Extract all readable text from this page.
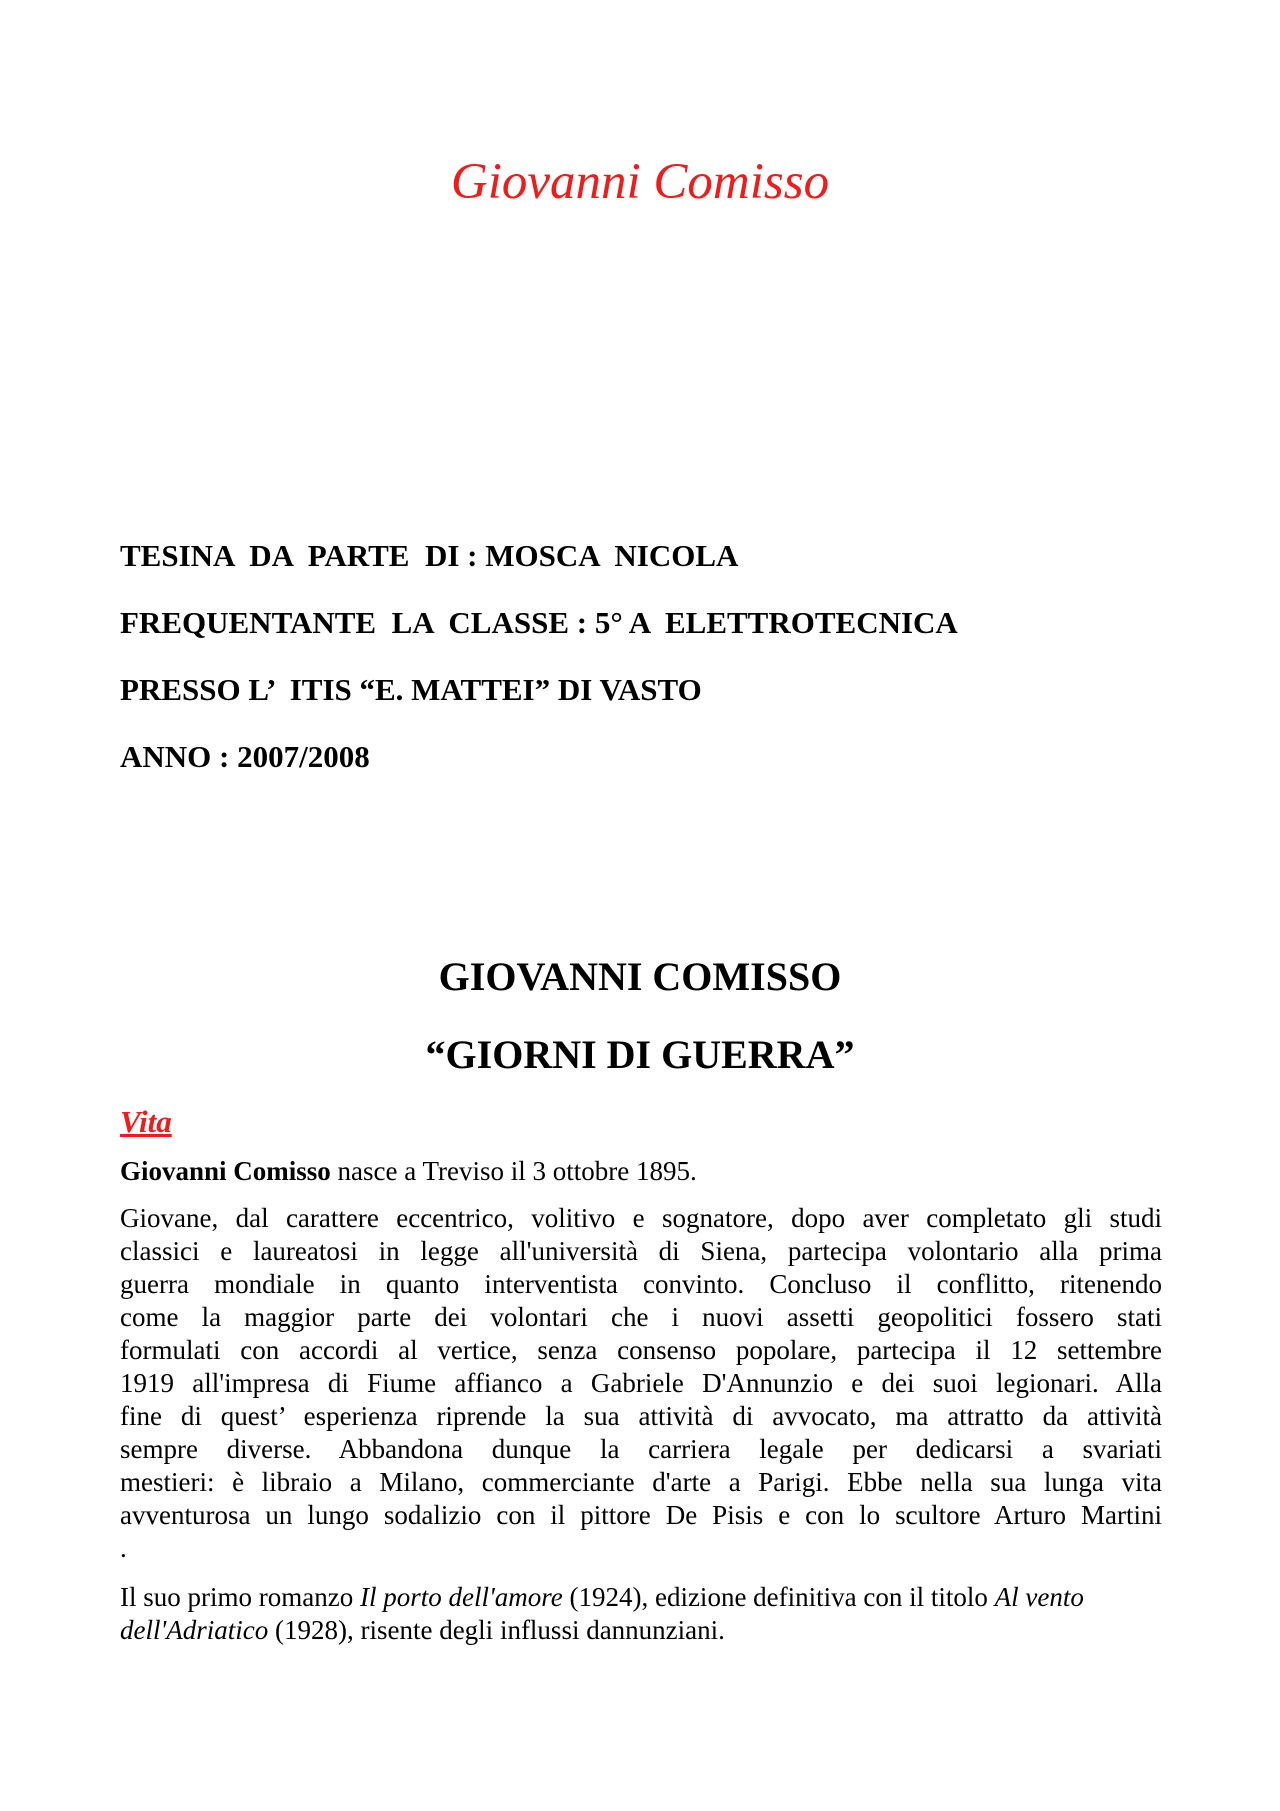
Giovanni Comisso
TESINA  DA  PARTE  DI : MOSCA  NICOLA
FREQUENTANTE  LA  CLASSE : 5° A  ELETTROTECNICA
PRESSO L’  ITIS “E. MATTEI” DI VASTO
ANNO : 2007/2008
GIOVANNI COMISSO
“GIORNI DI GUERRA”
Vita
Giovanni Comisso nasce a Treviso il 3 ottobre 1895.
Giovane, dal carattere eccentrico, volitivo e sognatore, dopo aver completato gli studi
classici e laureatosi in legge all'università di Siena, partecipa volontario alla prima
guerra mondiale in quanto interventista convinto. Concluso il conflitto, ritenendo
come la maggior parte dei volontari che i nuovi assetti geopolitici fossero stati
formulati con accordi al vertice, senza consenso popolare, partecipa il 12 settembre
1919 all'impresa di Fiume affianco a Gabriele D'Annunzio e dei suoi legionari. Alla
fine di quest’ esperienza riprende la sua attività di avvocato, ma attratto da attività
sempre diverse. Abbandona dunque la carriera legale per dedicarsi a svariati
mestieri: è libraio a Milano, commerciante d'arte a Parigi. Ebbe nella sua lunga vita
avventurosa un lungo sodalizio con il pittore De Pisis e con lo scultore Arturo Martini
.
Il suo primo romanzo Il porto dell'amore (1924), edizione definitiva con il titolo Al vento dell'Adriatico (1928), risente degli influssi dannunziani.
